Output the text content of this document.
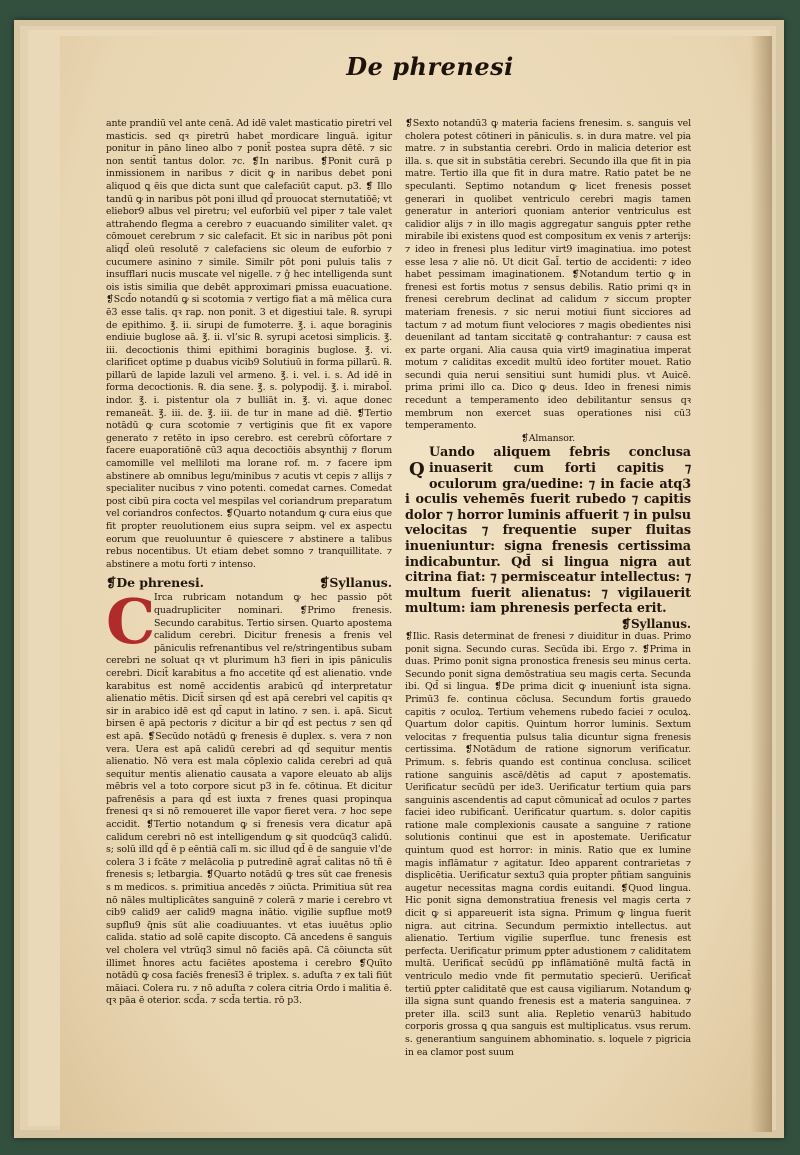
De phrenesi

ante prandiū vel ante cenā. Ad idē valet masticatio piretri vel masticis. sed qꝛ piretrū habet mordicare linguā. igitur ponitur in pāno lineo albo ⁊ ponit̄ postea supra dētē. ⁊ sic non sentit̄ tantus dolor. ⁊c. ❡In naribus. ❡Ponit curā p inmissionem in naribus ⁊ dicit ꝙ in naribus debet poni aliquod ꝗ ēis que dicta sunt que calefaciūt caput. p3. ❡ Illo tandū ꝙ in naribus pōt poni illud qd̄ prouocat sternutatiōē; vt eliebor9 albus vel piretru; vel euforbiū vel piper ⁊ tale valet attrahendo flegma a cerebro ⁊ euacuando similiter valet. qꝛ cōmouet cerebrum ⁊ sic calefacit. Et sic in naribus pōt poni aliqd̄ oleū resolutē ⁊ calefaciens sic oleum de euforbio ⁊ cucumere asinino ⁊ simile. Similr pōt poni puluis talis ⁊ insufflari nucis muscate vel nigelle. ⁊ ĝ hec intelligenda sunt ois istis similia que debēt approximari ꝑmissa euacuatione. ❡Scd̄o notandū ꝙ si scotomia ⁊ vertigo fiat a mā mēlica cura ē3 esse talis. qꝛ raꝑ. non ponit. 3 et digestiui tale. ℞. syrupi de epithimo. ℥. ii. sirupi de fumoterre. ℥. i. aque boraginis endiuie buglose aā. ℥. ii. vl’sic ℞. syrupi acetosi simplicis. ℥. iii. decoctionis thimi epithimi boraginis buglose. ℥. vi. clarificet optime p duabus vicib9 Solutiuū in forma pillarū. ℞. pillarū de lapide lazuli vel armeno. ℥. i. vel. i. s. Ad idē in forma decoctionis. ℞. dia sene. ℥. s. polypodij. ℥. i. mirabol̄. indor. ℥. i. pistentur ola ⁊ bulliāt in. ℥. vi. aque donec remaneāt. ℥. iii. de. ℥. iii. de tur in mane ad diē. ❡Tertio notādū ꝙ cura scotomie ⁊ vertiginis que fit ex vapore generato ⁊ retēto in ipso cerebro. est cerebrū cōfortare ⁊ facere euaporatiōnē cū3 aqua decoctiōis absynthij ⁊ florum camomille vel melliloti ma lorane rof. m. ⁊ facere ipm abstinere ab omnibus legu/minibus ⁊ acutis vt cepis ⁊ allijs ⁊ specialiter nucibus ⁊ vino potenti. comedat carnes. Comedat post cibū pira cocta vel mespilas vel coriandrum preparatum vel coriandros confectos. ❡Quarto notandum ꝙ cura eius que fit propter reuolutionem eius supra seipm. vel ex aspectu eorum que reuoluuntur ē quiescere ⁊ abstinere a talibus rebus nocentibus. Ut etiam debet somno ⁊ tranquillitate. ⁊ abstinere a motu forti ⁊ intenso.

❡De phrenesi.	❡Syllanus.
C

Irca rubricam notandum ꝙ hec passio pōt quadrupliciter nominari. ❡Primo frenesis. Secundo carabitus. Tertio sirsen. Quarto apostema calidum cerebri. Dicitur frenesis a frenis vel pāniculis refrenantibus vel re/stringentibus subam cerebri ne soluat qꝛ vt plurimum h3 fieri in ipis pāniculis cerebri. Dicit̄ karabitus a fno accetite qd̄ est alienatio. vnde karabitus est nomē accidentis arabicū qd̄ interpretatur alienatio mētis. Dicit̄ sirsen qd̄ est apā cerebri vel capitis qꝛ sir in arabico idē est qd̄ caput in latino. ⁊ sen. i. apā. Sicut birsen ē apā pectoris ⁊ dicitur a bir qd̄ est pectus ⁊ sen qd̄ est apā. ❡Secūdo notādū ꝙ frenesis ē duplex. s. vera ⁊ non vera. Uera est apā calidū cerebri ad qd̄ sequitur mentis alienatio. Nō vera est mala cōplexio calida cerebri ad quā sequitur mentis alienatio causata a vapore eleuato ab alijs mēbris vel a toto corpore sicut p3 in fe. cōtinua. Et dicitur pafrenēsis a para qd̄ est iuxta ⁊ frenes quasi propinqua frenesi qꝛ si nō remoueret ille vapor fieret vera. ⁊ hoc sepe accidit. ❡Tertio notandum ꝙ si frenesis vera dicatur apā calidum cerebri nō est intelligendum ꝙ sit quodcūq3 calidū. s; solū illd qd̄ ē p eēntiā calī m. sic illud qd̄ ē de sanguie vl’de colera 3 i fcāte ⁊ melācolia p putredinē agrat̄ calitas nō tñ ē frenesis s; letbargia. ❡Quarto notādū ꝙ tres sūt cae frenesis s m medicos. s. primitiua ancedēs ⁊ ɔiūcta. Primitiua sūt rea nō nāles multiplicātes sanguinē ⁊ colerā ⁊ marie i cerebro vt cib9 calid9 aer calid9 magna inātio. vigilie supflue mot9 supflu9 q̄nis sūt alie coadiuuantes. vt etas iuuētus ɔplio calida. statio ad solē capite discopto. Cā ancedens ē sanguis vel cholera vel vtrūq3 simul nō faciēs apā. Cā cōiuncta sūt illimet h̄nores actu faciētes apostema i cerebro ❡Quīto notādū ꝙ cosa faciēs frenesī3 ē triplex. s. aduſta ⁊ ex tali fiūt māiaci. Colera ru. ⁊ nō aduſta ⁊ colera citria Ordo i malitia ē. qꝛ pāa ē oterior. scd̄a. ⁊ scd̄a tertia. rō p3.

❡Sexto notandū3 ꝙ materia faciens frenesim. s. sanguis vel cholera potest cōtineri in pāniculis. s. in dura matre. vel pia matre. ⁊ in substantia cerebri. Ordo in malicia deterior est illa. s. que sit in substātia cerebri. Secundo illa que fit in pia matre. Tertio illa que fit in dura matre. Ratio patet be ne speculanti. Septimo notandum ꝙ licet frenesis posset generari in quolibet ventriculo cerebri magis tamen generatur in anteriori quoniam anterior ventriculus est calidior alijs ⁊ in illo magis aggregatur sanguis ꝑpter rethe mirabile ibi existens quod est compositum ex venis ⁊ arterijs: ⁊ ideo in frenesi plus leditur virt9 imaginatiua. imo potest esse lesa ⁊ alie nō. Ut dicit Gal̄. tertio de accidenti: ⁊ ideo habet pessimam imaginationem. ❡Notandum tertio ꝙ in frenesi est fortis motus ⁊ sensus debilis. Ratio primi qꝛ in frenesi cerebrum declinat ad calidum ⁊ siccum propter materiam frenesis. ⁊ sic nerui motiui fiunt sicciores ad tactum ⁊ ad motum fiunt velociores ⁊ magis obedientes nisi deuenilant ad tantam siccitatē ꝙ contrahantur: ⁊ causa est ex parte organi. Alia causa quia virt9 imaginatiua imperat motum ⁊ caliditas excedit multū ideo fortiter mouet. Ratio secundi quia nerui sensitiui sunt humidi plus. vt Auicē. prima primi illo ca. Dico ꝙ deus. Ideo in frenesi nimis recedunt a temperamento ideo debilitantur sensus qꝛ membrum non exercet suas operationes nisi cū3 temperamento.

❡Almansor.
Q

Uando aliquem febris conclusa inuaserit cum forti capitis ⁊ oculorum gra/uedine: ⁊ in facie atq3 i oculis vehemēs fuerit rubedo ⁊ capitis dolor ⁊ horror luminis affuerit ⁊ in pulsu velocitas ⁊ frequentie super fluitas inueniuntur: signa frenesis certissima indicabuntur. Qd̄ si lingua nigra aut citrina fiat: ⁊ permisceatur intellectus: ⁊ multum fuerit alienatus: ⁊ vigilauerit multum: iam phrenesis perfecta erit.

❡Syllanus.

❡Ilic. Rasis determinat de frenesi ⁊ diuiditur in duas. Primo ponit signa. Secundo curas. Secūda ibi. Ergo ⁊. ❡Prima in duas. Primo ponit signa pronostica frenesis seu minus certa. Secundo ponit signa demōstratiua seu magis certa. Secunda ibi. Qd̄ si lingua. ❡De prima dicit ꝙ inueniunt̄ ista signa. Primū3 fe. continua cōclusa. Secundum fortis grauedo capitis ⁊ oculoꝝ. Tertium vehemens rubedo faciei ⁊ oculoꝝ. Quartum dolor capitis. Quintum horror luminis. Sextum velocitas ⁊ frequentia pulsus talia dicuntur signa frenesis certissima. ❡Notādum de ratione signorum verificatur. Primum. s. febris quando est continua conclusa. scilicet ratione sanguinis ascē/dētis ad caput ⁊ apostematis. Uerificatur secūdū per ide3. Uerificatur tertium quia pars sanguinis ascendentis ad caput cōmunicat̄ ad oculos ⁊ partes faciei ideo rubificant̄. Uerificatur quartum. s. dolor capitis ratione male complexionis causate a sanguine ⁊ ratione solutionis continui que est in apostemate. Uerificatur quintum quod est horror: in minis. Ratio que ex lumine magis inflāmatur ⁊ agitatur. Ideo apparent contrarietas ⁊ displicētia. Uerificatur sextu3 quia propter pñtiam sanguinis augetur necessitas magna cordis euitandi. ❡Quod lingua. Hic ponit signa demonstratiua frenesis vel magis certa ⁊ dicit ꝙ si appareuerit ista signa. Primum ꝙ lingua fuerit nigra. aut citrina. Secundum permixtio intellectus. aut alienatio. Tertium vigilie superflue. tunc frenesis est perfecta. Uerificatur primum ꝑpter adustionem ⁊ caliditatem multā. Uerificat̄ secūdū ꝑp inflāmatiōnē multā factā in ventriculo medio vnde fit permutatio specierū. Uerificat̄ tertiū ꝑpter caliditatē que est causa vigiliarum. Notandum ꝙ illa signa sunt quando frenesis est a materia sanguinea. ⁊ preter illa. scil3 sunt alia. Repletio venarū3 habitudo corporis grossa ꝗ qua sanguis est multiplicatus. vsus rerum. s. generantium sanguinem abhominatio. s. loquele ⁊ pigricia in ea clamor post suum
